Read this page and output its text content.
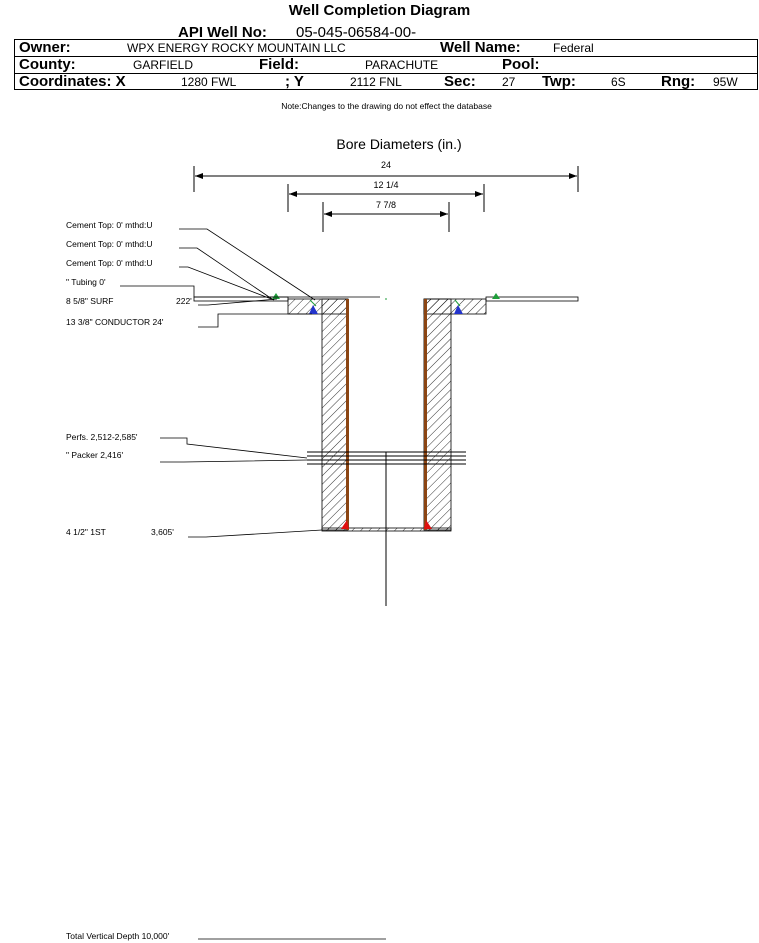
Well Completion Diagram
API Well No: 05-045-06584-00-
Owner:	WPX ENERGY ROCKY MOUNTAIN LLC	Well Name:	Federal
County:	GARFIELD	Field:	PARACHUTE	Pool:
Coordinates: X	1280 FWL	; Y	2112 FNL	Sec: 27 Twp:	6S Rng: 95W
Note:Changes to the drawing do not effect the database
Bore Diameters (in.)
24
12 1/4
7 7/8
Cement Top: 0' mthd:U
Cement Top: 0' mthd:U
Cement Top: 0' mthd:U
" Tubing 0'
8 5/8" SURF	222'
13 3/8" CONDUCTOR 24'
Perfs. 2,512-2,585'
" Packer 2,416'
4 1/2" 1ST	3,605'
Total Vertical Depth 10,000'
